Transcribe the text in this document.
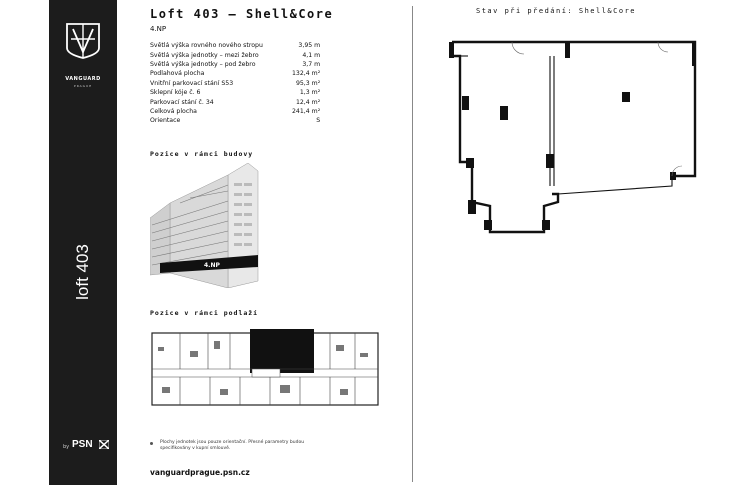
VANGUARD
PRAGUE
loft 403
by PSN
Loft 403 – Shell&Core
4.NP
Světlá výška rovného nového stropu	3,95 m
Světlá výška jednotky – mezi žebro	4,1 m
Světlá výška jednotky – pod žebro	3,7 m
Podlahová plocha	132,4 m²
Vnitřní parkovací stání S53	95,3 m²
Sklepní kóje č. 6	1,3 m²
Parkovací stání č. 34	12,4 m²
Celková plocha	241,4 m²
Orientace	S
Pozice v rámci budovy
4.NP
Pozice v rámci podlaží
Plochy jednotek jsou pouze orientační. Přesné parametry budou specifikovány v kupní smlouvě.
vanguardprague.psn.cz
Stav při předání: Shell&Core
